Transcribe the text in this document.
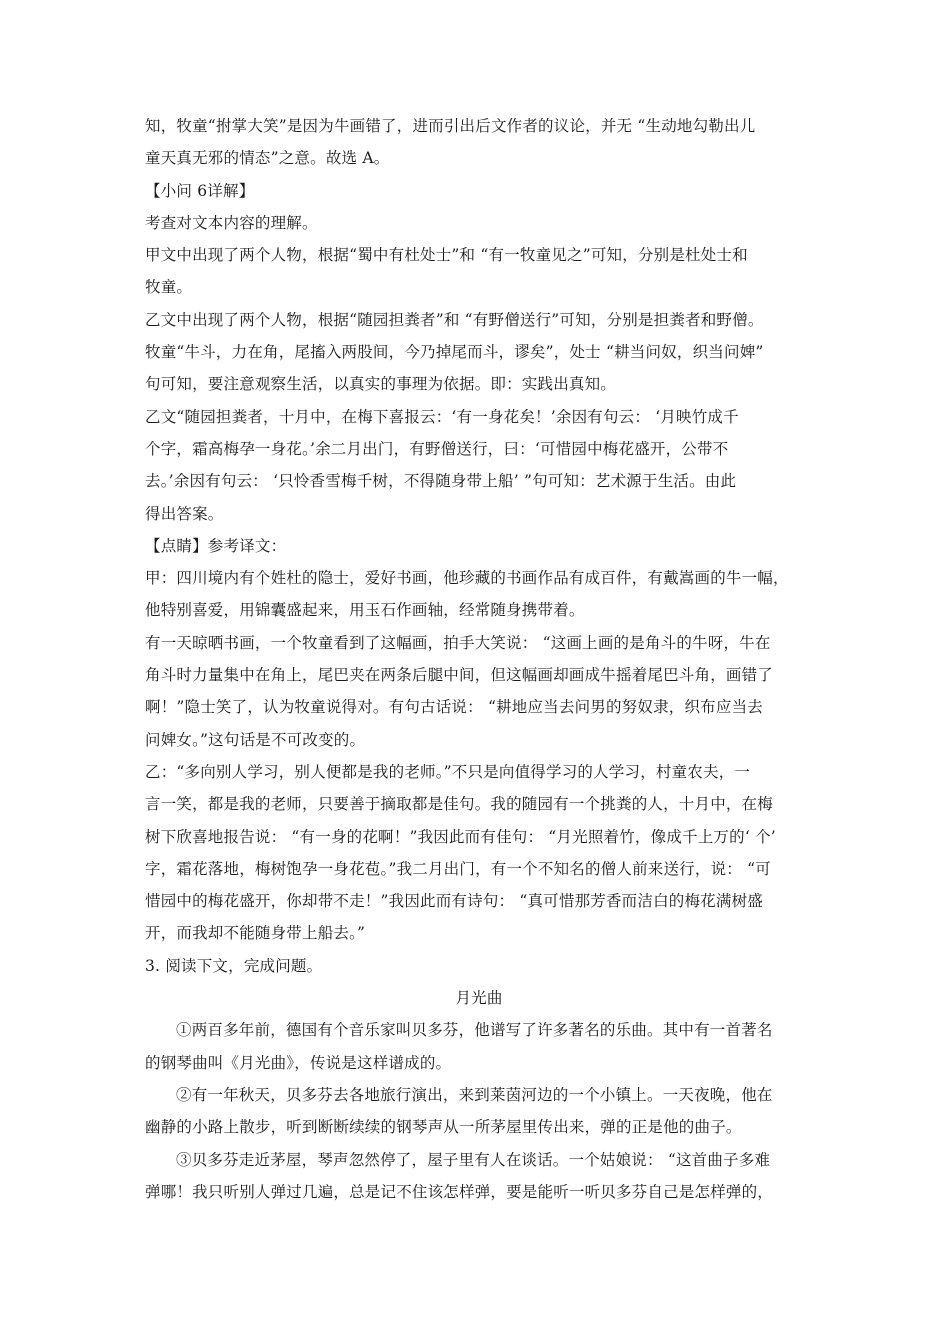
知，牧童“拊掌大笑”是因为牛画错了，进而引出后文作者的议论，并无 “生动地勾勒出儿
童天真无邪的情态”之意。故选 A。
【小问 6详解】
考查对文本内容的理解。
甲文中出现了两个人物，根据“蜀中有杜处士”和 “有一牧童见之”可知，分别是杜处士和
牧童。
乙文中出现了两个人物，根据“随园担粪者”和 “有野僧送行”可知，分别是担粪者和野僧。
牧童“牛斗，力在角，尾搐入两股间，今乃掉尾而斗，谬矣”，处士 “耕当问奴，织当问婢”
句可知，要注意观察生活，以真实的事理为依据。即：实践出真知。
乙文“随园担粪者，十月中，在梅下喜报云：‘有一身花矣！’余因有句云： ‘月映竹成千
个字，霜高梅孕一身花。’余二月出门，有野僧送行，曰：‘可惜园中梅花盛开，公带不
去。’余因有句云： ‘只怜香雪梅千树，不得随身带上船’ ”句可知：艺术源于生活。由此
得出答案。
【点睛】参考译文：
甲：四川境内有个姓杜的隐士，爱好书画，他珍藏的书画作品有成百件，有戴嵩画的牛一幅，
他特别喜爱，用锦囊盛起来，用玉石作画轴，经常随身携带着。
有一天晾晒书画，一个牧童看到了这幅画，拍手大笑说： “这画上画的是角斗的牛呀，牛在
角斗时力量集中在角上，尾巴夹在两条后腿中间，但这幅画却画成牛摇着尾巴斗角，画错了
啊！”隐士笑了，认为牧童说得对。有句古话说： “耕地应当去问男的努奴隶，织布应当去
问婢女。”这句话是不可改变的。
乙：“多向别人学习，别人便都是我的老师。”不只是向值得学习的人学习，村童农夫，一
言一笑，都是我的老师，只要善于摘取都是佳句。我的随园有一个挑粪的人，十月中，在梅
树下欣喜地报告说： “有一身的花啊！”我因此而有佳句： “月光照着竹，像成千上万的‘ 个’
字，霜花落地，梅树饱孕一身花苞。”我二月出门，有一个不知名的僧人前来送行，说： “可
惜园中的梅花盛开，你却带不走！”我因此而有诗句： “真可惜那芳香而洁白的梅花满树盛
开，而我却不能随身带上船去。”
3. 阅读下文，完成问题。
月光曲
①两百多年前，德国有个音乐家叫贝多芬，他谱写了许多著名的乐曲。其中有一首著名
的钢琴曲叫《月光曲》，传说是这样谱成的。
②有一年秋天，贝多芬去各地旅行演出，来到莱茵河边的一个小镇上。一天夜晚，他在
幽静的小路上散步，听到断断续续的钢琴声从一所茅屋里传出来，弹的正是他的曲子。
③贝多芬走近茅屋，琴声忽然停了，屋子里有人在谈话。一个姑娘说： “这首曲子多难
弹哪！我只听别人弹过几遍，总是记不住该怎样弹，要是能听一听贝多芬自己是怎样弹的，
